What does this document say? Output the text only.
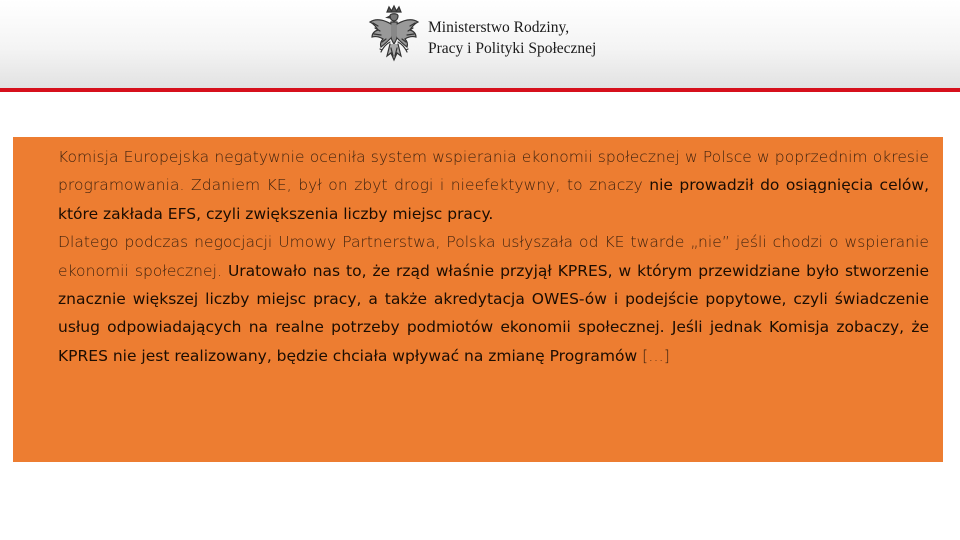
Ministerstwo Rodziny,
Pracy i Polityki Społecznej

Komisja Europejska negatywnie oceniła system wspierania ekonomii społecznej w Polsce w poprzednim okresie programowania. Zdaniem KE, był on zbyt drogi i nieefektywny, to znaczy nie prowadził do osiągnięcia celów, które zakłada EFS, czyli zwiększenia liczby miejsc pracy.

Dlatego podczas negocjacji Umowy Partnerstwa, Polska usłyszała od KE twarde „nie” jeśli chodzi o wspieranie ekonomii społecznej. Uratowało nas to, że rząd właśnie przyjął KPRES, w którym przewidziane było stworzenie znacznie większej liczby miejsc pracy, a także akredytacja OWES-ów i podejście popytowe, czyli świadczenie usług odpowiadających na realne potrzeby podmiotów ekonomii społecznej. Jeśli jednak Komisja zobaczy, że KPRES nie jest realizowany, będzie chciała wpływać na zmianę Programów […]
